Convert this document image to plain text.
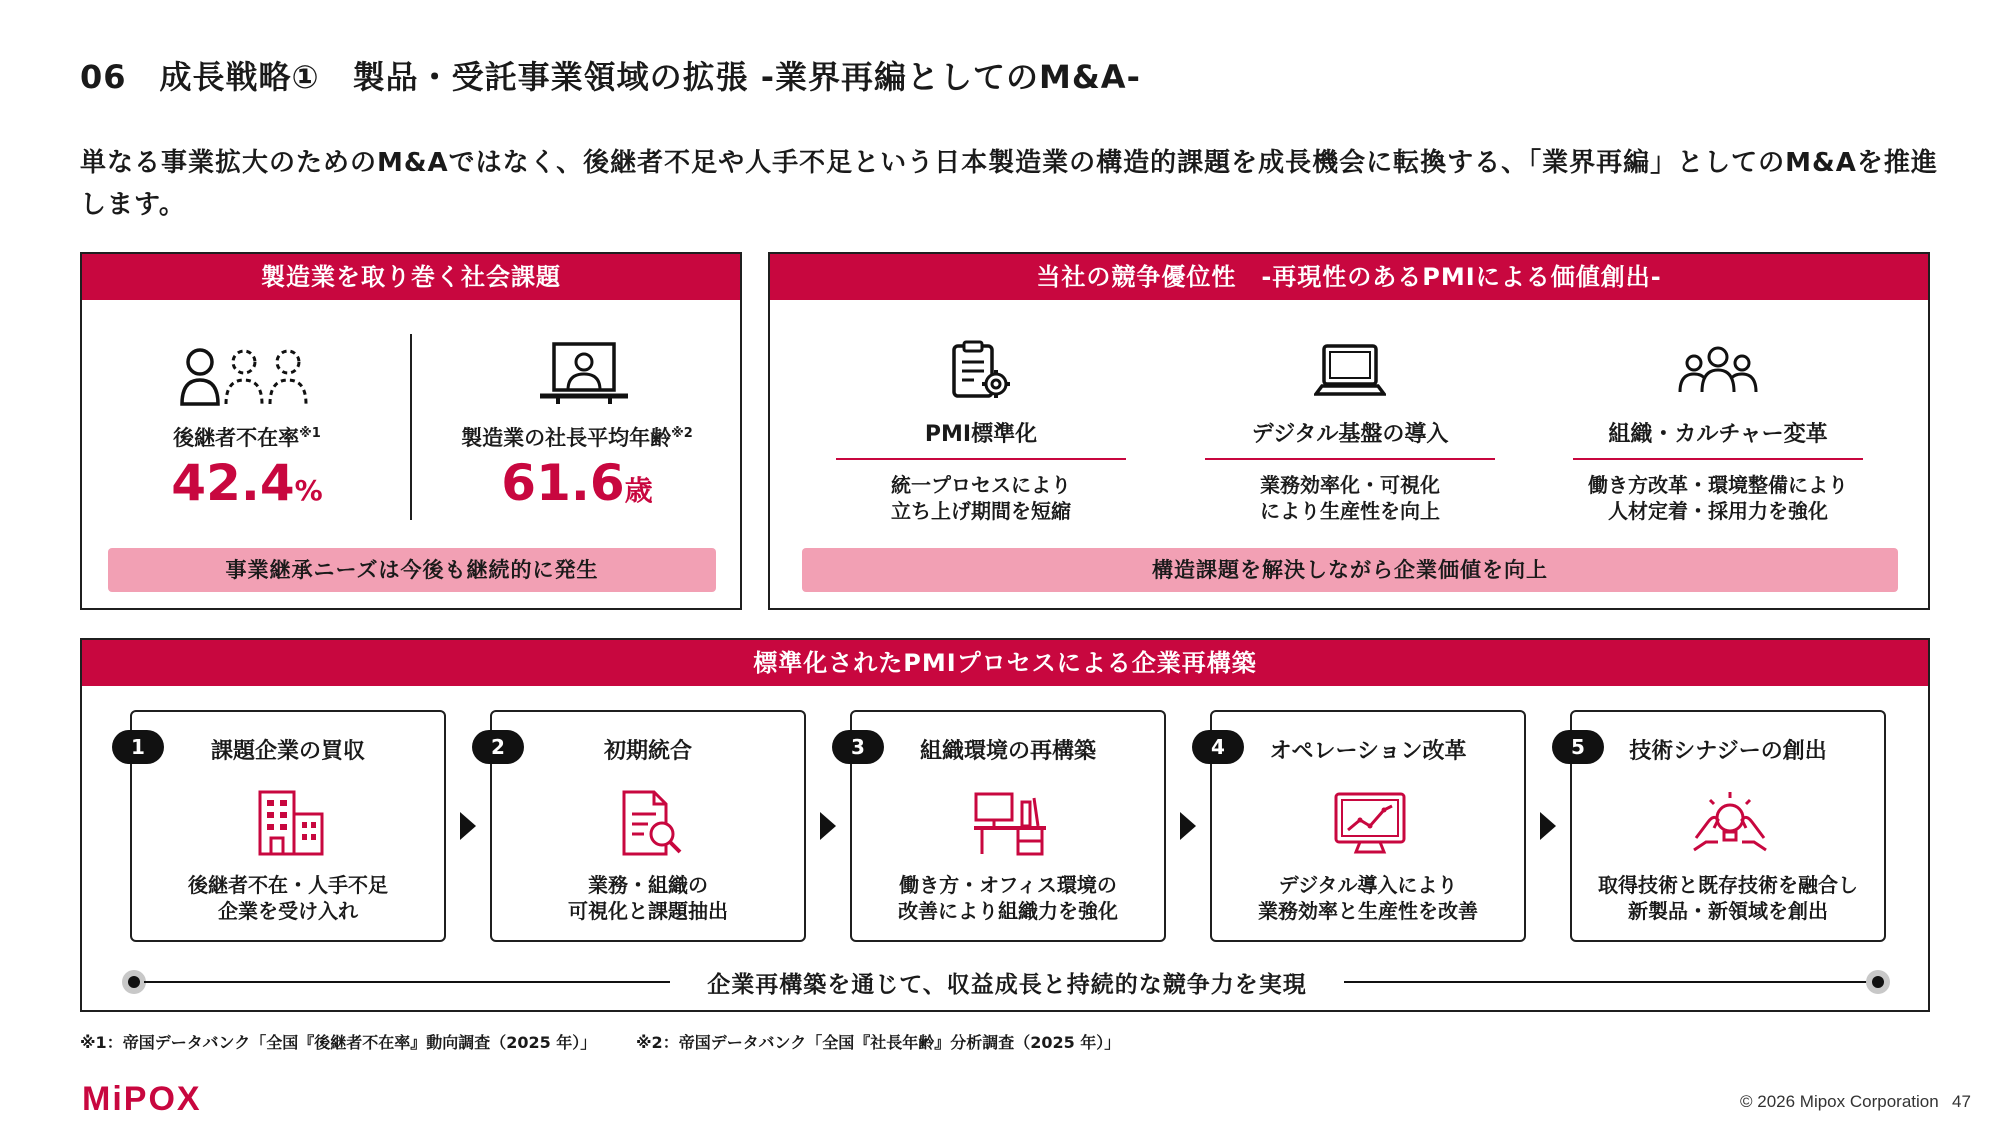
06　成長戦略①　製品・受託事業領域の拡張 -業界再編としてのM&A-
単なる事業拡大のためのM&Aではなく、後継者不足や人手不足という日本製造業の構造的課題を成長機会に転換する、「業界再編」としてのM&Aを推進します。
製造業を取り巻く社会課題
後継者不在率$^{※1}$
42.4%
製造業の社長平均年齢$^{※2}$
61.6歳
事業継承ニーズは今後も継続的に発生
当社の競争優位性　-再現性のあるPMIによる価値創出-
PMI標準化
統一プロセスにより
立ち上げ期間を短縮
デジタル基盤の導入
業務効率化・可視化
により生産性を向上
組織・カルチャー変革
働き方改革・環境整備により
人材定着・採用力を強化
構造課題を解決しながら企業価値を向上
標準化されたPMIプロセスによる企業再構築
1	課題企業の買収
後継者不在・人手不足
企業を受け入れ
2	初期統合
業務・組織の
可視化と課題抽出
3	組織環境の再構築
働き方・オフィス環境の
改善により組織力を強化
4	オペレーション改革
デジタル導入により
業務効率と生産性を改善
5	技術シナジーの創出
取得技術と既存技術を融合し
新製品・新領域を創出
企業再構築を通じて、収益成長と持続的な競争力を実現
※1：帝国データバンク「全国『後継者不在率』動向調査（2025 年）」 ※2：帝国データバンク「全国『社長年齢』分析調査（2025 年）」
MiPOX	© 2026 Mipox Corporation 47
